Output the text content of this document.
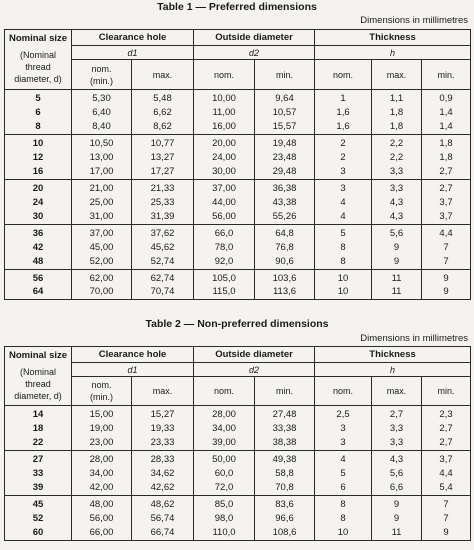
Table 1 — Preferred dimensions
Dimensions in millimetres
Nominal size
(Nominal
thread
diameter, d)	Clearance hole		Outside diameter		Thickness		
	d1		d2		h		

	nom.
(min.)	max.	nom.	min.	nom.	max.	min.
5	5,30	5,48	10,00	9,64	1	1,1	0,9
6	6,40	6,62	11,00	10,57	1,6	1,8	1,4
8	8,40	8,62	16,00	15,57	1,6	1,8	1,4
10	10,50	10,77	20,00	19,48	2	2,2	1,8
12	13,00	13,27	24,00	23,48	2	2,2	1,8
16	17,00	17,27	30,00	29,48	3	3,3	2,7
20	21,00	21,33	37,00	36,38	3	3,3	2,7
24	25,00	25,33	44,00	43,38	4	4,3	3,7
30	31,00	31,39	56,00	55,26	4	4,3	3,7
36	37,00	37,62	66,0	64,8	5	5,6	4,4
42	45,00	45,62	78,0	76,8	8	9	7
48	52,00	52,74	92,0	90,6	8	9	7
56	62,00	62,74	105,0	103,6	10	11	9
64	70,00	70,74	115,0	113,6	10	11	9
Table 2 — Non-preferred dimensions
Dimensions in millimetres
Nominal size
(Nominal
thread
diameter, d)	Clearance hole		Outside diameter		Thickness		
	d1		d2		h		

	nom.
(min.)	max.	nom.	min.	nom.	max.	min.
14	15,00	15,27	28,00	27,48	2,5	2,7	2,3
18	19,00	19,33	34,00	33,38	3	3,3	2,7
22	23,00	23,33	39,00	38,38	3	3,3	2,7
27	28,00	28,33	50,00	49,38	4	4,3	3,7
33	34,00	34,62	60,0	58,8	5	5,6	4,4
39	42,00	42,62	72,0	70,8	6	6,6	5,4
45	48,00	48,62	85,0	83,6	8	9	7
52	56,00	56,74	98,0	96,6	8	9	7
60	66,00	66,74	110,0	108,6	10	11	9
